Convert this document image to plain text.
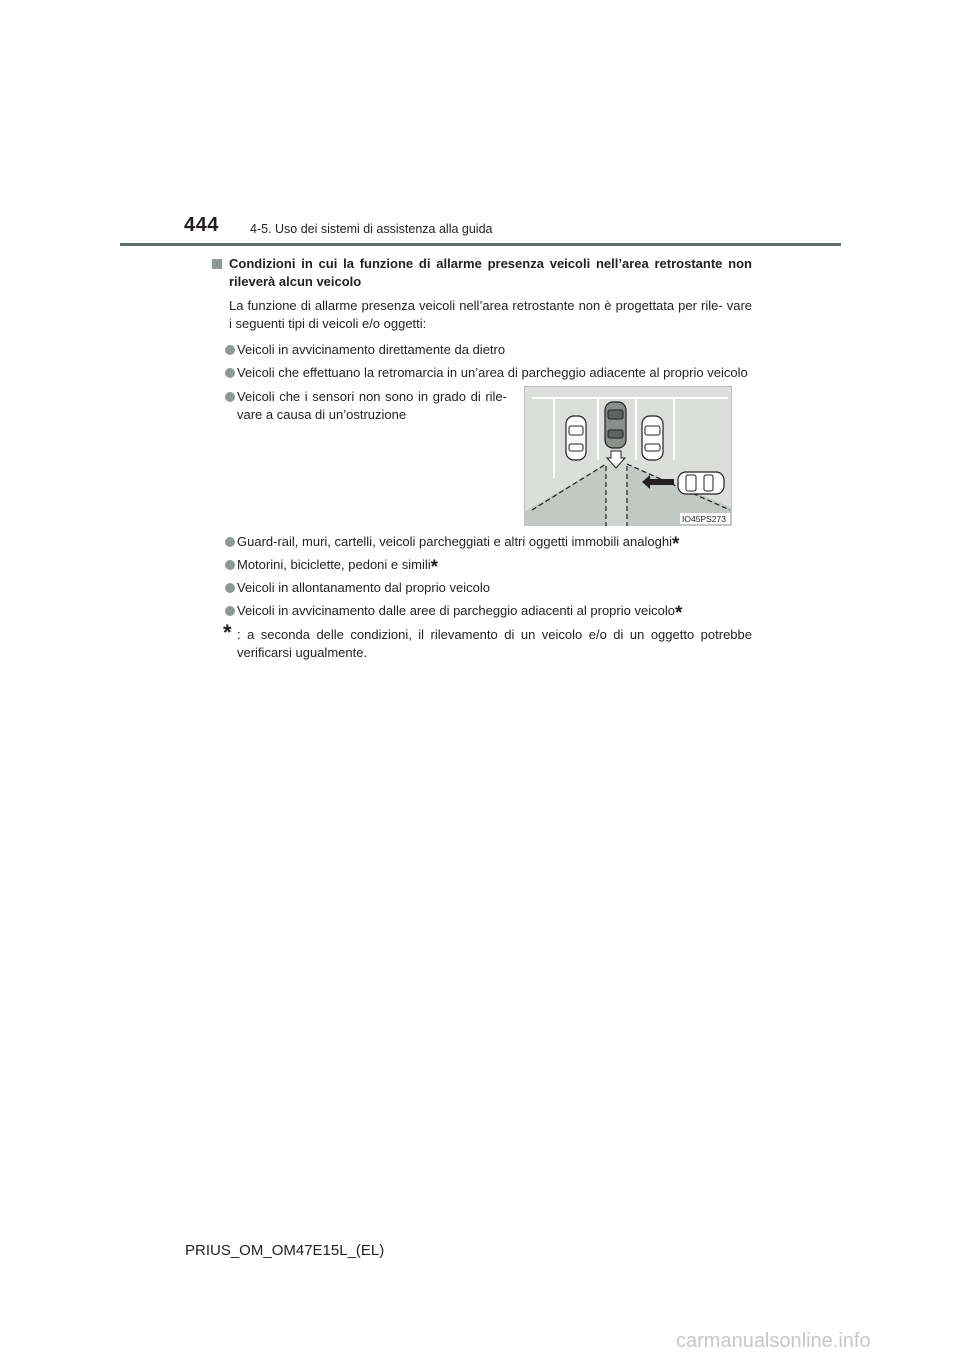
444 4-5. Uso dei sistemi di assistenza alla guida
Condizioni in cui la funzione di allarme presenza veicoli nell’area retrostante non rileverà alcun veicolo
La funzione di allarme presenza veicoli nell’area retrostante non è progettata per rile- vare i seguenti tipi di veicoli e/o oggetti:
Veicoli in avvicinamento direttamente da dietro
Veicoli che effettuano la retromarcia in un’area di parcheggio adiacente al proprio veicolo
Veicoli che i sensori non sono in grado di rile- vare a causa di un’ostruzione
IO45PS273
Guard-rail, muri, cartelli, veicoli parcheggiati e altri oggetti immobili analoghi*
Motorini, biciclette, pedoni e simili*
Veicoli in allontanamento dal proprio veicolo
Veicoli in avvicinamento dalle aree di parcheggio adiacenti al proprio veicolo*
* : a seconda delle condizioni, il rilevamento di un veicolo e/o di un oggetto potrebbe verificarsi ugualmente.
PRIUS_OM_OM47E15L_(EL)
carmanualsonline.info
